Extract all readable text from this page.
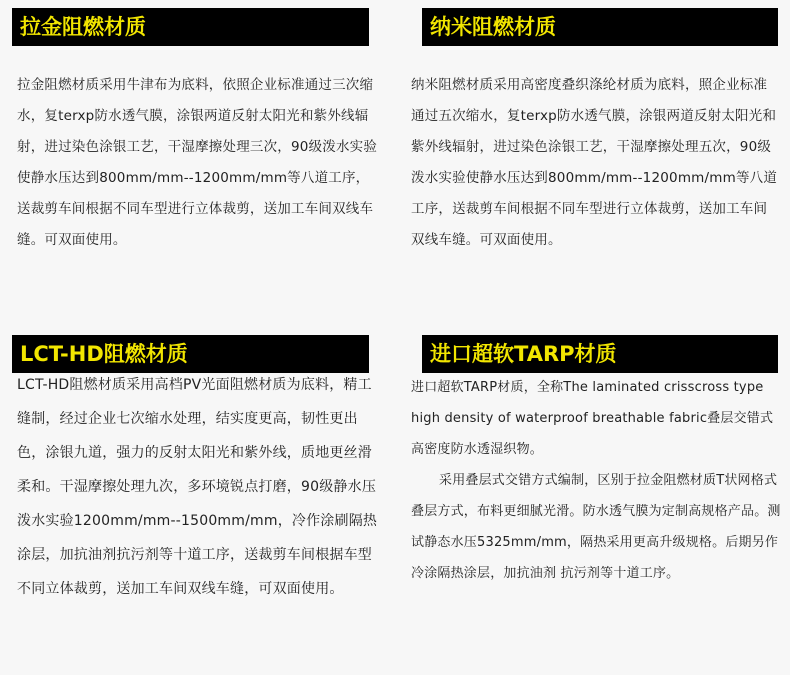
拉金阻燃材质
拉金阻燃材质采用牛津布为底料，依照企业标准通过三次缩水，复terxp防水透气膜，涂银两道反射太阳光和紫外线辐射，进过染色涂银工艺，干湿摩擦处理三次，90级泼水实验使静水压达到800mm/mm--1200mm/mm等八道工序，送裁剪车间根据不同车型进行立体裁剪，送加工车间双线车缝。可双面使用。
纳米阻燃材质
纳米阻燃材质采用高密度叠织涤纶材质为底料，照企业标准通过五次缩水，复terxp防水透气膜，涂银两道反射太阳光和紫外线辐射，进过染色涂银工艺，干湿摩擦处理五次，90级泼水实验使静水压达到800mm/mm--1200mm/mm等八道工序，送裁剪车间根据不同车型进行立体裁剪，送加工车间双线车缝。可双面使用。
LCT-HD阻燃材质
LCT-HD阻燃材质采用高档PV光面阻燃材质为底料，精工缝制，经过企业七次缩水处理，结实度更高，韧性更出色，涂银九道，强力的反射太阳光和紫外线，质地更丝滑柔和。干湿摩擦处理九次，多环境锐点打磨，90级静水压泼水实验1200mm/mm--1500mm/mm，冷作涂刷隔热涂层，加抗油剂抗污剂等十道工序，送裁剪车间根据车型不同立体裁剪，送加工车间双线车缝，可双面使用。
进口超软TARP材质

进口超软TARP材质，全称The laminated crisscross type high density of waterproof breathable fabric叠层交错式高密度防水透湿织物。

采用叠层式交错方式编制，区别于拉金阻燃材质T状网格式

叠层方式，布料更细腻光滑。防水透气膜为定制高规格产品。测试静态水压5325mm/mm，隔热采用更高升级规格。后期另作冷涂隔热涂层，加抗油剂 抗污剂等十道工序。
